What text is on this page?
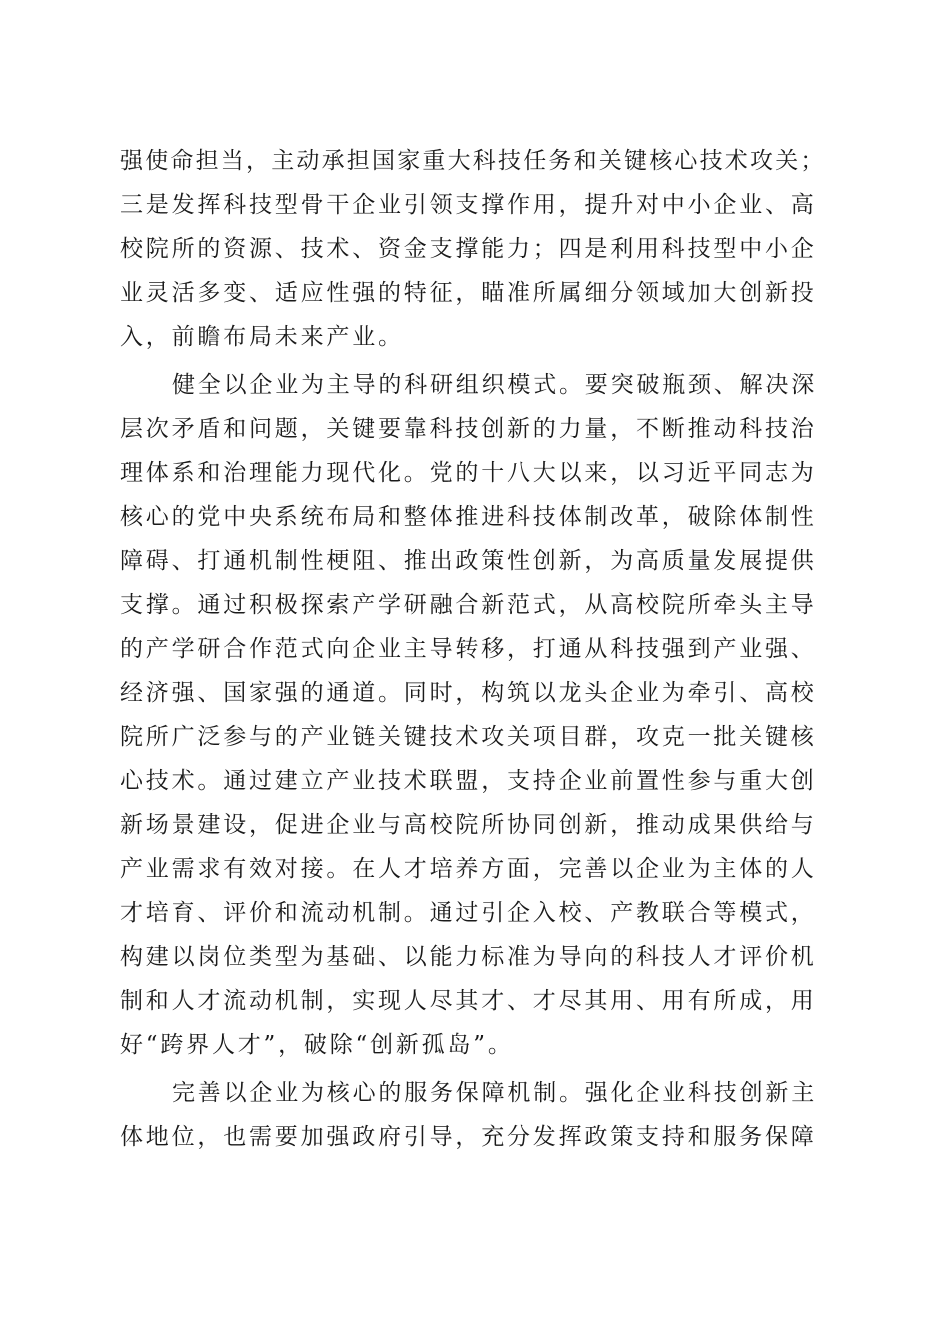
强使命担当，主动承担国家重大科技任务和关键核心技术攻关；
三是发挥科技型骨干企业引领支撑作用，提升对中小企业、高
校院所的资源、技术、资金支撑能力；四是利用科技型中小企
业灵活多变、适应性强的特征，瞄准所属细分领域加大创新投
入，前瞻布局未来产业。
健全以企业为主导的科研组织模式。要突破瓶颈、解决深
层次矛盾和问题，关键要靠科技创新的力量，不断推动科技治
理体系和治理能力现代化。党的十八大以来，以习近平同志为
核心的党中央系统布局和整体推进科技体制改革，破除体制性
障碍、打通机制性梗阻、推出政策性创新，为高质量发展提供
支撑。通过积极探索产学研融合新范式，从高校院所牵头主导
的产学研合作范式向企业主导转移，打通从科技强到产业强、
经济强、国家强的通道。同时，构筑以龙头企业为牵引、高校
院所广泛参与的产业链关键技术攻关项目群，攻克一批关键核
心技术。通过建立产业技术联盟，支持企业前置性参与重大创
新场景建设，促进企业与高校院所协同创新，推动成果供给与
产业需求有效对接。在人才培养方面，完善以企业为主体的人
才培育、评价和流动机制。通过引企入校、产教联合等模式，
构建以岗位类型为基础、以能力标准为导向的科技人才评价机
制和人才流动机制，实现人尽其才、才尽其用、用有所成，用
好“跨界人才”，破除“创新孤岛”。
完善以企业为核心的服务保障机制。强化企业科技创新主
体地位，也需要加强政府引导，充分发挥政策支持和服务保障
